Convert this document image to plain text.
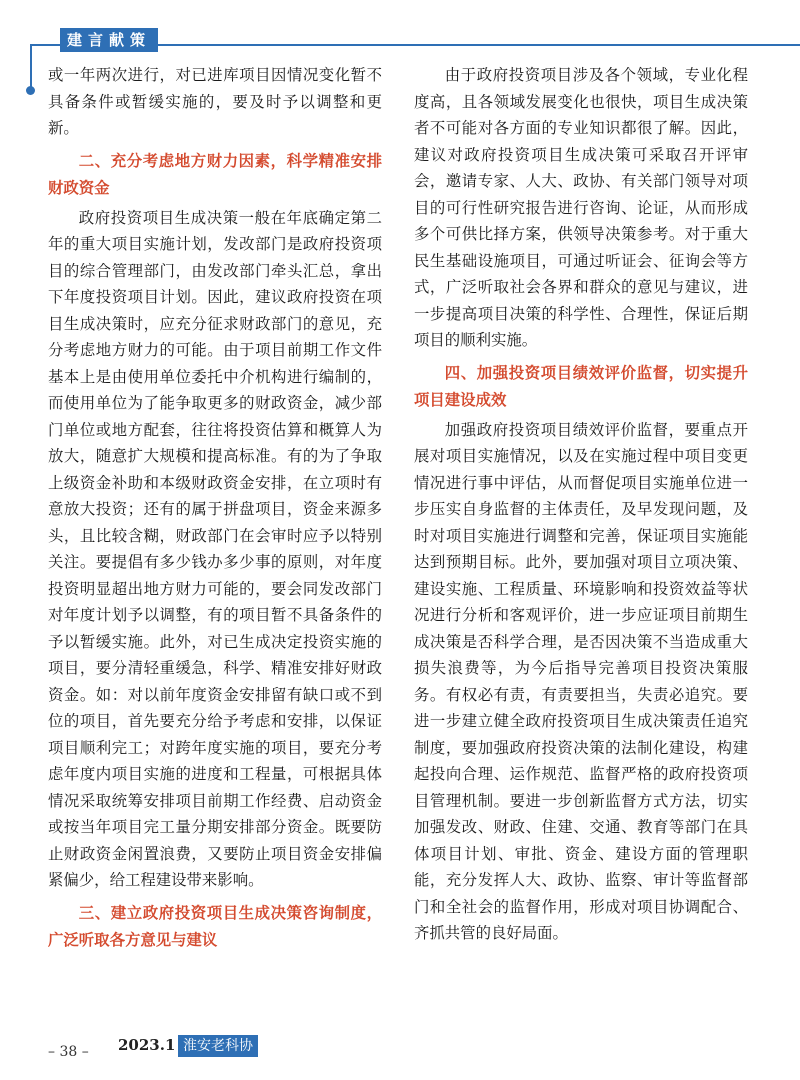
建言献策

或一年两次进行，对已进库项目因情况变化暂不具备条件或暂缓实施的，要及时予以调整和更新。

二、充分考虑地方财力因素，科学精准安排财政资金

政府投资项目生成决策一般在年底确定第二年的重大项目实施计划，发改部门是政府投资项目的综合管理部门，由发改部门牵头汇总，拿出下年度投资项目计划。因此，建议政府投资在项目生成决策时，应充分征求财政部门的意见，充分考虑地方财力的可能。由于项目前期工作文件基本上是由使用单位委托中介机构进行编制的，而使用单位为了能争取更多的财政资金，减少部门单位或地方配套，往往将投资估算和概算人为放大，随意扩大规模和提高标准。有的为了争取上级资金补助和本级财政资金安排，在立项时有意放大投资；还有的属于拼盘项目，资金来源多头，且比较含糊，财政部门在会审时应予以特别关注。要提倡有多少钱办多少事的原则，对年度投资明显超出地方财力可能的，要会同发改部门对年度计划予以调整，有的项目暂不具备条件的予以暂缓实施。此外，对已生成决定投资实施的项目，要分清轻重缓急，科学、精准安排好财政资金。如：对以前年度资金安排留有缺口或不到位的项目，首先要充分给予考虑和安排，以保证项目顺利完工；对跨年度实施的项目，要充分考虑年度内项目实施的进度和工程量，可根据具体情况采取统筹安排项目前期工作经费、启动资金或按当年项目完工量分期安排部分资金。既要防止财政资金闲置浪费，又要防止项目资金安排偏紧偏少，给工程建设带来影响。

三、建立政府投资项目生成决策咨询制度，广泛听取各方意见与建议

由于政府投资项目涉及各个领域，专业化程度高，且各领域发展变化也很快，项目生成决策者不可能对各方面的专业知识都很了解。因此，建议对政府投资项目生成决策可采取召开评审会，邀请专家、人大、政协、有关部门领导对项目的可行性研究报告进行咨询、论证，从而形成多个可供比择方案，供领导决策参考。对于重大民生基础设施项目，可通过听证会、征询会等方式，广泛听取社会各界和群众的意见与建议，进一步提高项目决策的科学性、合理性，保证后期项目的顺利实施。

四、加强投资项目绩效评价监督，切实提升项目建设成效

加强政府投资项目绩效评价监督，要重点开展对项目实施情况，以及在实施过程中项目变更情况进行事中评估，从而督促项目实施单位进一步压实自身监督的主体责任，及早发现问题，及时对项目实施进行调整和完善，保证项目实施能达到预期目标。此外，要加强对项目立项决策、建设实施、工程质量、环境影响和投资效益等状况进行分析和客观评价，进一步应证项目前期生成决策是否科学合理，是否因决策不当造成重大损失浪费等，为今后指导完善项目投资决策服务。有权必有责，有责要担当，失责必追究。要进一步建立健全政府投资项目生成决策责任追究制度，要加强政府投资决策的法制化建设，构建起投向合理、运作规范、监督严格的政府投资项目管理机制。要进一步创新监督方式方法，切实加强发改、财政、住建、交通、教育等部门在具体项目计划、审批、资金、建设方面的管理职能，充分发挥人大、政协、监察、审计等监督部门和全社会的监督作用，形成对项目协调配合、齐抓共管的良好局面。

– 38 – 2023.1 淮安老科协
